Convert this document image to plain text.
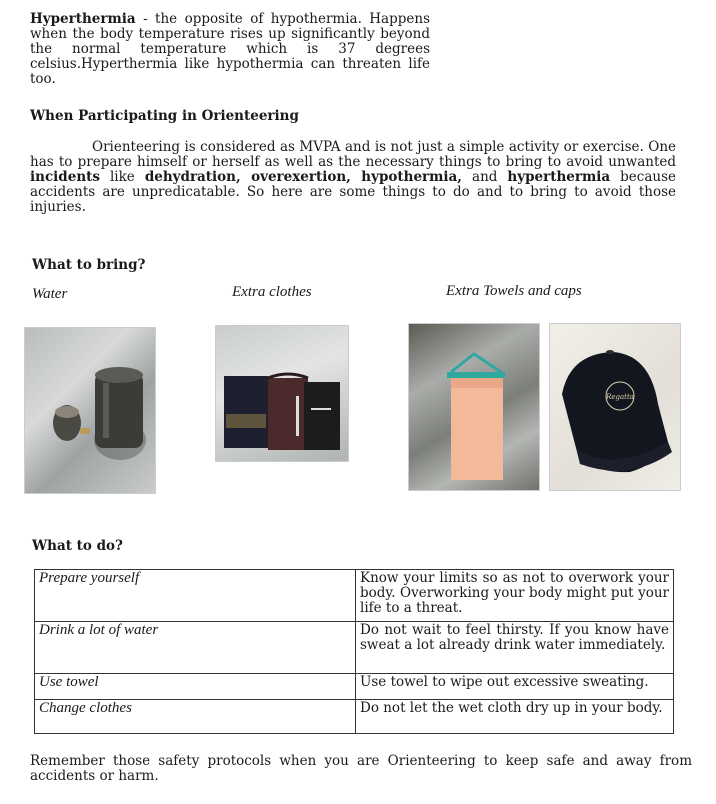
Hyperthermia - the opposite of hypothermia. Happens when the body temperature rises up significantly beyond the normal temperature which is 37 degrees celsius.Hyperthermia like hypothermia can threaten life too.
When Participating in Orienteering
Orienteering is considered as MVPA and is not just a simple activity or exercise. One has to prepare himself or herself as well as the necessary things to bring to avoid unwanted incidents like dehydration, overexertion, hypothermia, and hyperthermia because accidents are unpredicatable. So here are some things to do and to bring to avoid those injuries.
What to bring?
Water	Extra clothes	Extra Towels and caps
Regatta
What to do?
Prepare yourself	Know your limits so as not to overwork your body. Overworking your body might put your life to a threat.
Drink a lot of water	Do not wait to feel thirsty. If you know have sweat a lot already drink water immediately.
Use towel	Use towel to wipe out excessive sweating.
Change clothes	Do not let the wet cloth dry up in your body.
Remember those safety protocols when you are Orienteering to keep safe and away from accidents or harm.
